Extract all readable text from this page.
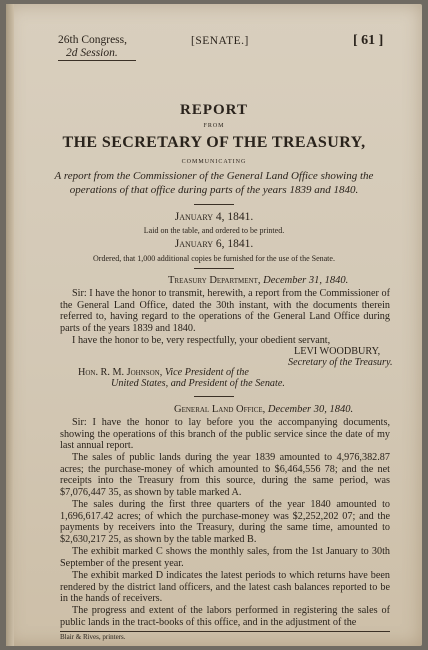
26th Congress,
2d Session.
[SENATE.]	[ 61 ]
REPORT
FROM
THE SECRETARY OF THE TREASURY,
COMMUNICATING
A report from the Commissioner of the General Land Office showing the
operations of that office during parts of the years 1839 and 1840.
January 4, 1841.
Laid on the table, and ordered to be printed.
January 6, 1841.
Ordered, that 1,000 additional copies be furnished for the use of the Senate.
Treasury Department, December 31, 1840.
Sir: I have the honor to transmit, herewith, a report from the Commissioner of the General Land Office, dated the 30th instant, with the documents therein referred to, having regard to the operations of the General Land Office during parts of the years 1839 and 1840.
I have the honor to be, very respectfully, your obedient servant,
LEVI WOODBURY,
Secretary of the Treasury.
Hon. R. M. Johnson, Vice President of the
United States, and President of the Senate.
General Land Office, December 30, 1840.
Sir: I have the honor to lay before you the accompanying documents, showing the operations of this branch of the public service since the date of my last annual report.
The sales of public lands during the year 1839 amounted to 4,976,382.87 acres; the purchase-money of which amounted to $6,464,556 78; and the net receipts into the Treasury from this source, during the same period, was $7,076,447 35, as shown by table marked A.
The sales during the first three quarters of the year 1840 amounted to 1,696,617.42 acres; of which the purchase-money was $2,252,202 07; and the payments by receivers into the Treasury, during the same time, amounted to $2,630,217 25, as shown by the table marked B.
The exhibit marked C shows the monthly sales, from the 1st January to 30th September of the present year.
The exhibit marked D indicates the latest periods to which returns have been rendered by the district land officers, and the latest cash balances reported to be in the hands of receivers.
The progress and extent of the labors performed in registering the sales of public lands in the tract-books of this office, and in the adjustment of the
Blair & Rives, printers.
